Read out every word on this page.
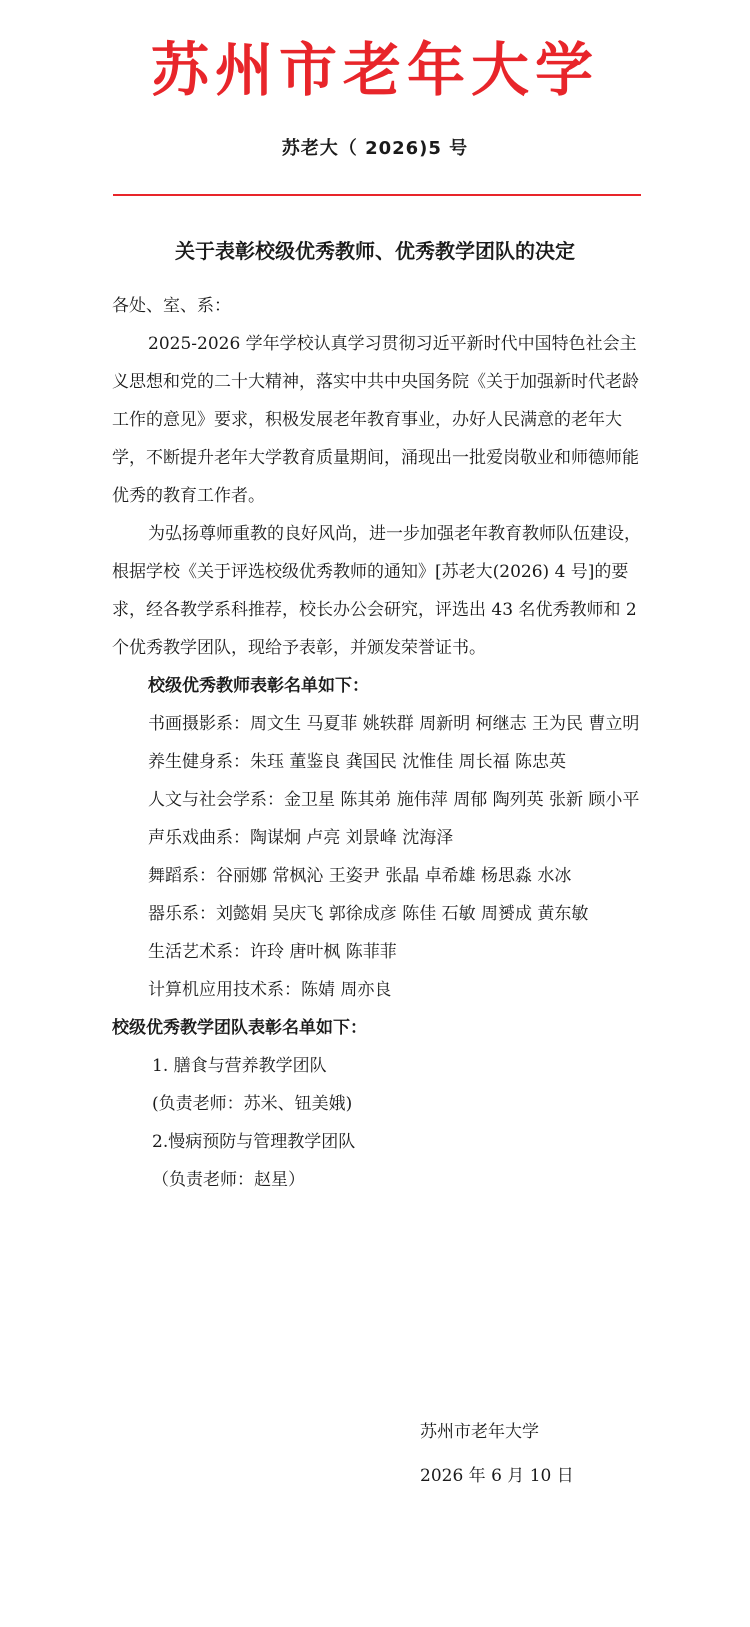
苏州市老年大学
苏老大（ 2026)5 号
关于表彰校级优秀教师、优秀教学团队的决定

各处、室、系：

2025-2026 学年学校认真学习贯彻习近平新时代中国特色社会主义思想和党的二十大精神，落实中共中央国务院《关于加强新时代老龄工作的意见》要求，积极发展老年教育事业，办好人民满意的老年大学，不断提升老年大学教育质量期间，涌现出一批爱岗敬业和师德师能优秀的教育工作者。

为弘扬尊师重教的良好风尚，进一步加强老年教育教师队伍建设，根据学校《关于评选校级优秀教师的通知》[苏老大(2026) 4 号]的要求，经各教学系科推荐，校长办公会研究，评选出 43 名优秀教师和 2 个优秀教学团队，现给予表彰，并颁发荣誉证书。

校级优秀教师表彰名单如下：

书画摄影系：周文生 马夏菲 姚轶群 周新明 柯继志 王为民 曹立明

养生健身系：朱珏 董鉴良 龚国民 沈惟佳 周长福 陈忠英

人文与社会学系：金卫星 陈其弟 施伟萍 周郁 陶列英 张新 顾小平

声乐戏曲系：陶谋炯 卢亮 刘景峰 沈海泽

舞蹈系：谷丽娜 常枫沁 王姿尹 张晶 卓希雄 杨思淼 水冰

器乐系：刘懿娟 吴庆飞 郭徐成彦 陈佳 石敏 周赟成 黄东敏

生活艺术系：许玲 唐叶枫 陈菲菲

计算机应用技术系：陈婧 周亦良

校级优秀教学团队表彰名单如下：

1. 膳食与营养教学团队

(负责老师：苏米、钮美娥)

2.慢病预防与管理教学团队

（负责老师：赵星）

苏州市老年大学
2026 年 6 月 10 日
